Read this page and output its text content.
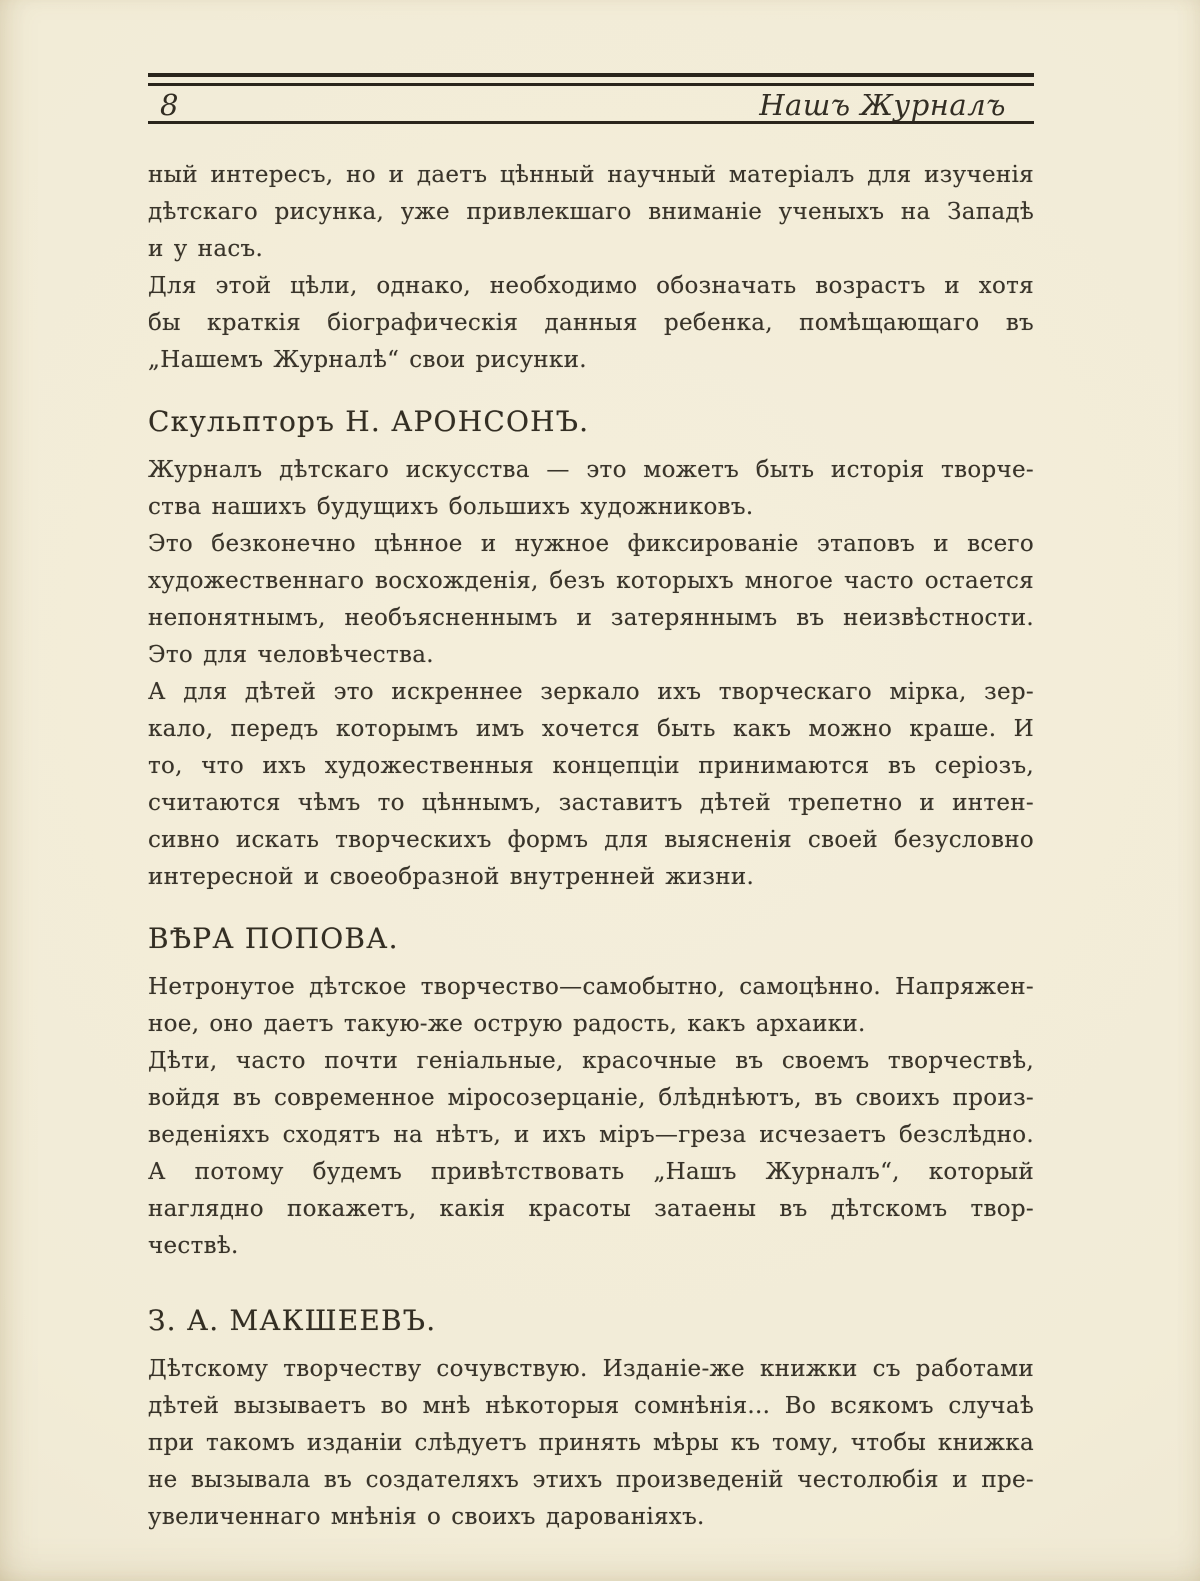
8	Нашъ Журналъ
ный интересъ, но и даетъ цѣнный научный матеріалъ для изученія
дѣтскаго рисунка, уже привлекшаго вниманіе ученыхъ на Западѣ
и у насъ.
Для этой цѣли, однако, необходимо обозначать возрастъ и хотя
бы краткія біографическія данныя ребенка, помѣщающаго въ
„Нашемъ Журналѣ“ свои рисунки.
Скульпторъ Н. АРОНСОНЪ.
Журналъ дѣтскаго искусства — это можетъ быть исторія творче-
ства нашихъ будущихъ большихъ художниковъ.
Это безконечно цѣнное и нужное фиксированіе этаповъ и всего
художественнаго восхожденія, безъ которыхъ многое часто остается
непонятнымъ, необъясненнымъ и затеряннымъ въ неизвѣстности.
Это для человѣчества.
А для дѣтей это искреннее зеркало ихъ творческаго мірка, зер-
кало, передъ которымъ имъ хочется быть какъ можно краше. И
то, что ихъ художественныя концепціи принимаются въ серіозъ,
считаются чѣмъ то цѣннымъ, заставитъ дѣтей трепетно и интен-
сивно искать творческихъ формъ для выясненія своей безусловно
интересной и своеобразной внутренней жизни.
ВѢРА ПОПОВА.
Нетронутое дѣтское творчество—самобытно, самоцѣнно. Напряжен-
ное, оно даетъ такую-же острую радость, какъ архаики.
Дѣти, часто почти геніальные, красочные въ своемъ творчествѣ,
войдя въ современное міросозерцаніе, блѣднѣютъ, въ своихъ произ-
веденіяхъ сходятъ на нѣтъ, и ихъ міръ—греза исчезаетъ безслѣдно.
А потому будемъ привѣтствовать „Нашъ Журналъ“, который
наглядно покажетъ, какія красоты затаены въ дѣтскомъ твор-
чествѣ.
З. А. МАКШЕЕВЪ.
Дѣтскому творчеству сочувствую. Изданіе-же книжки съ работами
дѣтей вызываетъ во мнѣ нѣкоторыя сомнѣнія... Во всякомъ случаѣ
при такомъ изданіи слѣдуетъ принять мѣры къ тому, чтобы книжка
не вызывала въ создателяхъ этихъ произведеній честолюбія и пре-
увеличеннаго мнѣнія о своихъ дарованіяхъ.
